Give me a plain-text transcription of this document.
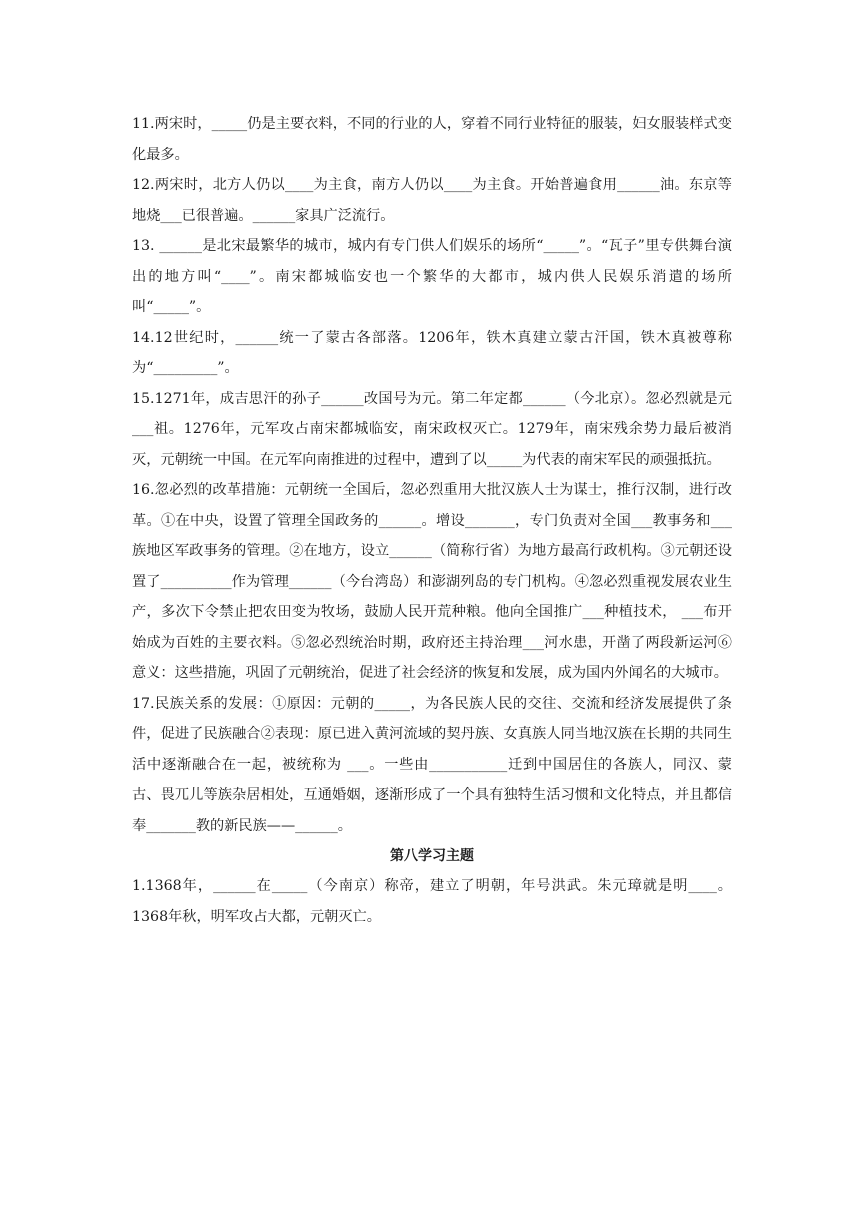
11.两宋时，_____仍是主要衣料，不同的行业的人，穿着不同行业特征的服装，妇女服装样式变化最多。

12.两宋时，北方人仍以____为主食，南方人仍以____为主食。开始普遍食用______油。东京等地烧___已很普遍。______家具广泛流行。

13. ______是北宋最繁华的城市，城内有专门供人们娱乐的场所“_____”。“瓦子”里专供舞台演出的地方叫“____”。南宋都城临安也一个繁华的大都市，城内供人民娱乐消遣的场所叫“_____”。

14.12世纪时，______统一了蒙古各部落。1206年，铁木真建立蒙古汗国，铁木真被尊称为“_________”。

15.1271年，成吉思汗的孙子______改国号为元。第二年定都______（今北京）。忽必烈就是元___祖。1276年，元军攻占南宋都城临安，南宋政权灭亡。1279年，南宋残余势力最后被消灭，元朝统一中国。在元军向南推进的过程中，遭到了以_____为代表的南宋军民的顽强抵抗。

16.忽必烈的改革措施：元朝统一全国后，忽必烈重用大批汉族人士为谋士，推行汉制，进行改革。①在中央，设置了管理全国政务的______。增设_______，专门负责对全国___教事务和___族地区军政事务的管理。②在地方，设立______（简称行省）为地方最高行政机构。③元朝还设置了__________作为管理______（今台湾岛）和澎湖列岛的专门机构。④忽必烈重视发展农业生产，多次下令禁止把农田变为牧场，鼓励人民开荒种粮。他向全国推广___种植技术， ___布开始成为百姓的主要衣料。⑤忽必烈统治时期，政府还主持治理___河水患，开凿了两段新运河⑥意义：这些措施，巩固了元朝统治，促进了社会经济的恢复和发展，成为国内外闻名的大城市。

17.民族关系的发展：①原因：元朝的_____，为各民族人民的交往、交流和经济发展提供了条件，促进了民族融合②表现：原已进入黄河流域的契丹族、女真族人同当地汉族在长期的共同生活中逐渐融合在一起，被统称为 ___。一些由___________迁到中国居住的各族人，同汉、蒙古、畏兀儿等族杂居相处，互通婚姻，逐渐形成了一个具有独特生活习惯和文化特点，并且都信奉_______教的新民族——______。

第八学习主题

1.1368年，______在_____（今南京）称帝，建立了明朝，年号洪武。朱元璋就是明____。1368年秋，明军攻占大都，元朝灭亡。
